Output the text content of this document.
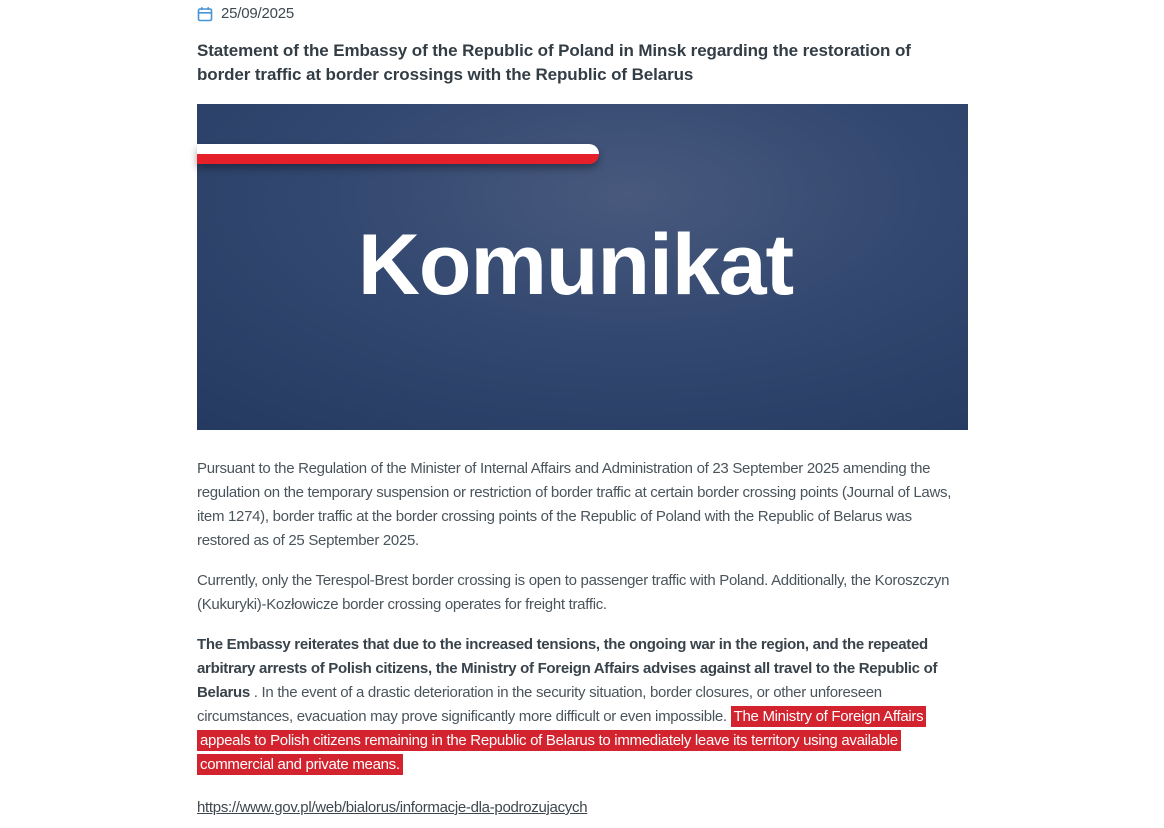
25/09/2025
Statement of the Embassy of the Republic of Poland in Minsk regarding the restoration of border traffic at border crossings with the Republic of Belarus
Komunikat

Pursuant to the Regulation of the Minister of Internal Affairs and Administration of 23 September 2025 amending the regulation on the temporary suspension or restriction of border traffic at certain border crossing points (Journal of Laws, item 1274), border traffic at the border crossing points of the Republic of Poland with the Republic of Belarus was restored as of 25 September 2025.

Currently, only the Terespol-Brest border crossing is open to passenger traffic with Poland. Additionally, the Koroszczyn (Kukuryki)-Kozłowicze border crossing operates for freight traffic.

The Embassy reiterates that due to the increased tensions, the ongoing war in the region, and the repeated arbitrary arrests of Polish citizens, the Ministry of Foreign Affairs advises against all travel to the Republic of Belarus . In the event of a drastic deterioration in the security situation, border closures, or other unforeseen circumstances, evacuation may prove significantly more difficult or even impossible. The Ministry of Foreign Affairs appeals to Polish citizens remaining in the Republic of Belarus to immediately leave its territory using available commercial and private means.

https://www.gov.pl/web/bialorus/informacje-dla-podrozujacych
